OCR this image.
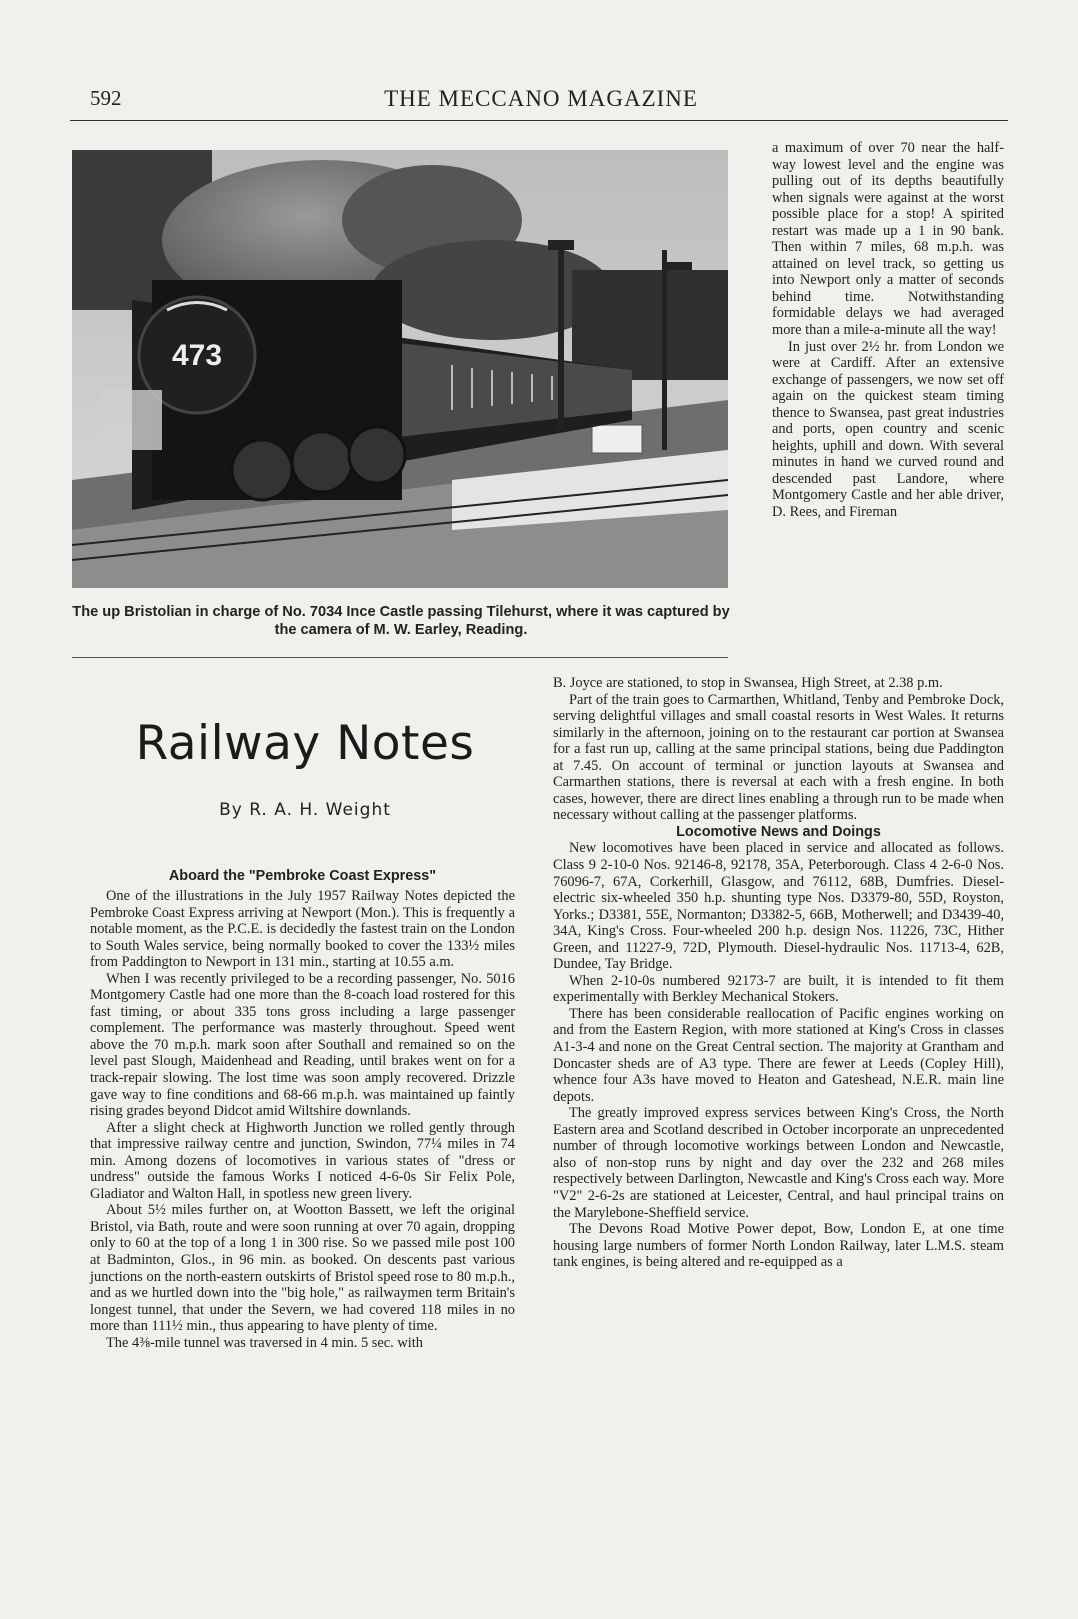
592	THE MECCANO MAGAZINE
473
The up Bristolian in charge of No. 7034 Ince Castle passing Tilehurst, where it was captured by the camera of M. W. Earley, Reading.

a maximum of over 70 near the half-way lowest level and the engine was pulling out of its depths beautifully when signals were against at the worst possible place for a stop! A spirited restart was made up a 1 in 90 bank. Then within 7 miles, 68 m.p.h. was attained on level track, so getting us into Newport only a matter of seconds behind time. Notwithstanding formidable delays we had averaged more than a mile-a-minute all the way!

In just over 2½ hr. from London we were at Cardiff. After an extensive exchange of passengers, we now set off again on the quickest steam timing thence to Swansea, past great industries and ports, open country and scenic heights, uphill and down. With several minutes in hand we curved round and descended past Landore, where Montgomery Castle and her able driver, D. Rees, and Fireman

B. Joyce are stationed, to stop in Swansea, High Street, at 2.38 p.m.

Part of the train goes to Carmarthen, Whitland, Tenby and Pembroke Dock, serving delightful villages and small coastal resorts in West Wales. It returns similarly in the afternoon, joining on to the restaurant car portion at Swansea for a fast run up, calling at the same principal stations, being due Paddington at 7.45. On account of terminal or junction layouts at Swansea and Carmarthen stations, there is reversal at each with a fresh engine. In both cases, however, there are direct lines enabling a through run to be made when necessary without calling at the passenger platforms.

Locomotive News and Doings

New locomotives have been placed in service and allocated as follows. Class 9 2-10-0 Nos. 92146-8, 92178, 35A, Peterborough. Class 4 2-6-0 Nos. 76096-7, 67A, Corkerhill, Glasgow, and 76112, 68B, Dumfries. Diesel-electric six-wheeled 350 h.p. shunting type Nos. D3379-80, 55D, Royston, Yorks.; D3381, 55E, Normanton; D3382-5, 66B, Motherwell; and D3439-40, 34A, King's Cross. Four-wheeled 200 h.p. design Nos. 11226, 73C, Hither Green, and 11227-9, 72D, Plymouth. Diesel-hydraulic Nos. 11713-4, 62B, Dundee, Tay Bridge.

When 2-10-0s numbered 92173-7 are built, it is intended to fit them experimentally with Berkley Mechanical Stokers.

There has been considerable reallocation of Pacific engines working on and from the Eastern Region, with more stationed at King's Cross in classes A1-3-4 and none on the Great Central section. The majority at Grantham and Doncaster sheds are of A3 type. There are fewer at Leeds (Copley Hill), whence four A3s have moved to Heaton and Gateshead, N.E.R. main line depots.

The greatly improved express services between King's Cross, the North Eastern area and Scotland described in October incorporate an unprecedented number of through locomotive workings between London and Newcastle, also of non-stop runs by night and day over the 232 and 268 miles respectively between Darlington, Newcastle and King's Cross each way. More "V2" 2-6-2s are stationed at Leicester, Central, and haul principal trains on the Marylebone-Sheffield service.

The Devons Road Motive Power depot, Bow, London E, at one time housing large numbers of former North London Railway, later L.M.S. steam tank engines, is being altered and re-equipped as a

Railway Notes
By R. A. H. Weight
Aboard the "Pembroke Coast Express"

One of the illustrations in the July 1957 Railway Notes depicted the Pembroke Coast Express arriving at Newport (Mon.). This is frequently a notable moment, as the P.C.E. is decidedly the fastest train on the London to South Wales service, being normally booked to cover the 133½ miles from Paddington to Newport in 131 min., starting at 10.55 a.m.

When I was recently privileged to be a recording passenger, No. 5016 Montgomery Castle had one more than the 8-coach load rostered for this fast timing, or about 335 tons gross including a large passenger complement. The performance was masterly throughout. Speed went above the 70 m.p.h. mark soon after Southall and remained so on the level past Slough, Maidenhead and Reading, until brakes went on for a track-repair slowing. The lost time was soon amply recovered. Drizzle gave way to fine conditions and 68-66 m.p.h. was maintained up faintly rising grades beyond Didcot amid Wiltshire downlands.

After a slight check at Highworth Junction we rolled gently through that impressive railway centre and junction, Swindon, 77¼ miles in 74 min. Among dozens of locomotives in various states of "dress or undress" outside the famous Works I noticed 4-6-0s Sir Felix Pole, Gladiator and Walton Hall, in spotless new green livery.

About 5½ miles further on, at Wootton Bassett, we left the original Bristol, via Bath, route and were soon running at over 70 again, dropping only to 60 at the top of a long 1 in 300 rise. So we passed mile post 100 at Badminton, Glos., in 96 min. as booked. On descents past various junctions on the north-eastern outskirts of Bristol speed rose to 80 m.p.h., and as we hurtled down into the "big hole," as railwaymen term Britain's longest tunnel, that under the Severn, we had covered 118 miles in no more than 111½ min., thus appearing to have plenty of time.

The 4⅜-mile tunnel was traversed in 4 min. 5 sec. with
